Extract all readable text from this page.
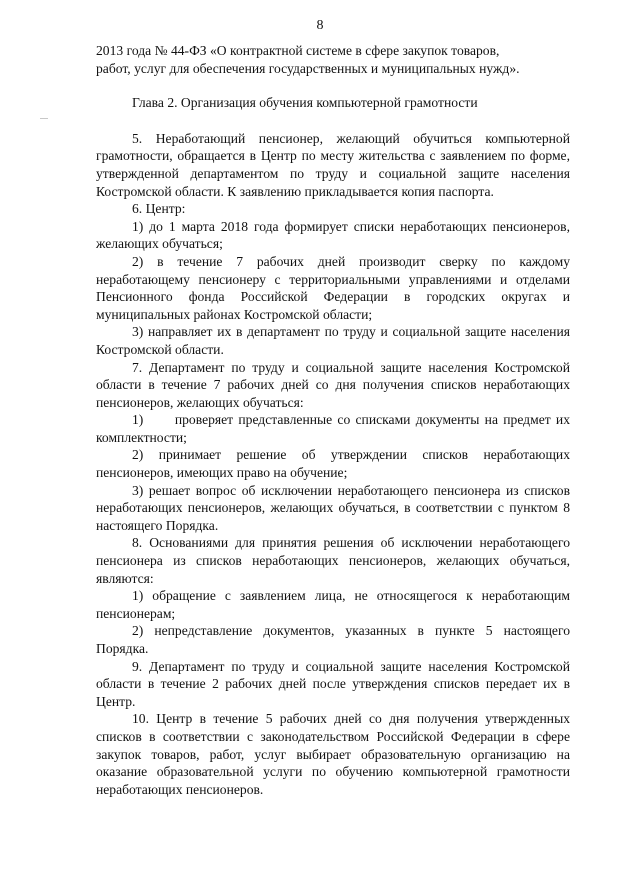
8

2013 года № 44-ФЗ «О контрактной системе в сфере закупок товаров,

работ, услуг для обеспечения государственных и муниципальных нужд».

Глава 2. Организация обучения компьютерной грамотности

5. Неработающий пенсионер, желающий обучиться компьютерной грамотности, обращается в Центр по месту жительства с заявлением по форме, утвержденной департаментом по труду и социальной защите населения Костромской области. К заявлению прикладывается копия паспорта.

6. Центр:

1) до 1 марта 2018 года формирует списки неработающих пенсионеров, желающих обучаться;

2) в течение 7 рабочих дней производит сверку по каждому неработающему пенсионеру с территориальными управлениями и отделами Пенсионного фонда Российской Федерации в городских округах и муниципальных районах Костромской области;

3) направляет их в департамент по труду и социальной защите населения Костромской области.

7. Департамент по труду и социальной защите населения Костромской области в течение 7 рабочих дней со дня получения списков неработающих пенсионеров, желающих обучаться:

1)      проверяет представленные со списками документы на предмет их комплектности;

2) принимает решение об утверждении списков неработающих пенсионеров, имеющих право на обучение;

3) решает вопрос об исключении неработающего пенсионера из списков неработающих пенсионеров, желающих обучаться, в соответствии с пунктом 8 настоящего Порядка.

8. Основаниями для принятия решения об исключении неработающего пенсионера из списков неработающих пенсионеров, желающих обучаться, являются:

1) обращение с заявлением лица, не относящегося к неработающим пенсионерам;

2) непредставление документов, указанных в пункте 5 настоящего Порядка.

9. Департамент по труду и социальной защите населения Костромской области в течение 2 рабочих дней после утверждения списков передает их в Центр.

10. Центр в течение 5 рабочих дней со дня получения утвержденных списков в соответствии с законодательством Российской Федерации в сфере закупок товаров, работ, услуг выбирает образовательную организацию на оказание образовательной услуги по обучению компьютерной грамотности неработающих пенсионеров.
